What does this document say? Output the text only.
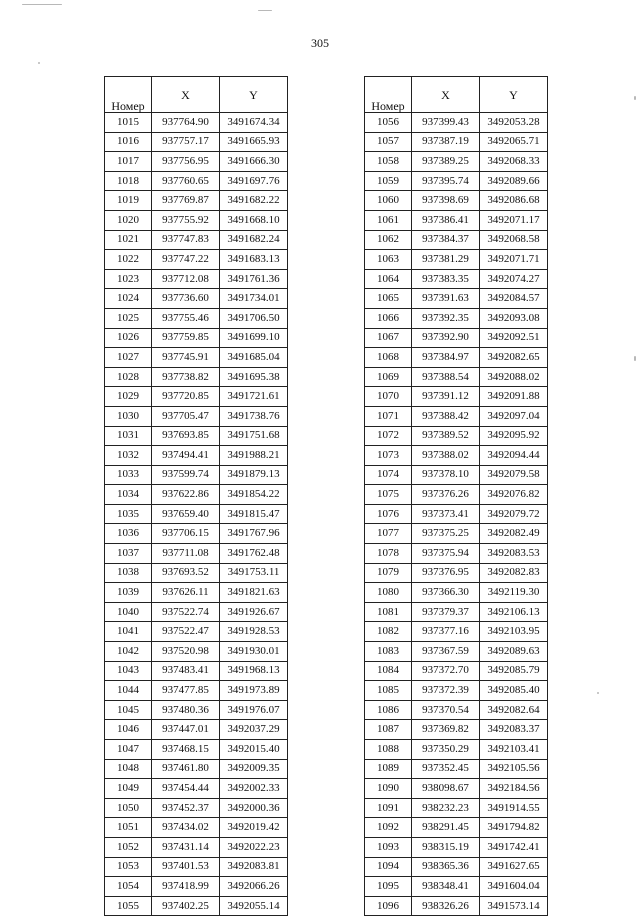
305
Номер	X	Y
1015	937764.90	3491674.34
1016	937757.17	3491665.93
1017	937756.95	3491666.30
1018	937760.65	3491697.76
1019	937769.87	3491682.22
1020	937755.92	3491668.10
1021	937747.83	3491682.24
1022	937747.22	3491683.13
1023	937712.08	3491761.36
1024	937736.60	3491734.01
1025	937755.46	3491706.50
1026	937759.85	3491699.10
1027	937745.91	3491685.04
1028	937738.82	3491695.38
1029	937720.85	3491721.61
1030	937705.47	3491738.76
1031	937693.85	3491751.68
1032	937494.41	3491988.21
1033	937599.74	3491879.13
1034	937622.86	3491854.22
1035	937659.40	3491815.47
1036	937706.15	3491767.96
1037	937711.08	3491762.48
1038	937693.52	3491753.11
1039	937626.11	3491821.63
1040	937522.74	3491926.67
1041	937522.47	3491928.53
1042	937520.98	3491930.01
1043	937483.41	3491968.13
1044	937477.85	3491973.89
1045	937480.36	3491976.07
1046	937447.01	3492037.29
1047	937468.15	3492015.40
1048	937461.80	3492009.35
1049	937454.44	3492002.33
1050	937452.37	3492000.36
1051	937434.02	3492019.42
1052	937431.14	3492022.23
1053	937401.53	3492083.81
1054	937418.99	3492066.26
1055	937402.25	3492055.14
Номер	X	Y
1056	937399.43	3492053.28
1057	937387.19	3492065.71
1058	937389.25	3492068.33
1059	937395.74	3492089.66
1060	937398.69	3492086.68
1061	937386.41	3492071.17
1062	937384.37	3492068.58
1063	937381.29	3492071.71
1064	937383.35	3492074.27
1065	937391.63	3492084.57
1066	937392.35	3492093.08
1067	937392.90	3492092.51
1068	937384.97	3492082.65
1069	937388.54	3492088.02
1070	937391.12	3492091.88
1071	937388.42	3492097.04
1072	937389.52	3492095.92
1073	937388.02	3492094.44
1074	937378.10	3492079.58
1075	937376.26	3492076.82
1076	937373.41	3492079.72
1077	937375.25	3492082.49
1078	937375.94	3492083.53
1079	937376.95	3492082.83
1080	937366.30	3492119.30
1081	937379.37	3492106.13
1082	937377.16	3492103.95
1083	937367.59	3492089.63
1084	937372.70	3492085.79
1085	937372.39	3492085.40
1086	937370.54	3492082.64
1087	937369.82	3492083.37
1088	937350.29	3492103.41
1089	937352.45	3492105.56
1090	938098.67	3492184.56
1091	938232.23	3491914.55
1092	938291.45	3491794.82
1093	938315.19	3491742.41
1094	938365.36	3491627.65
1095	938348.41	3491604.04
1096	938326.26	3491573.14
